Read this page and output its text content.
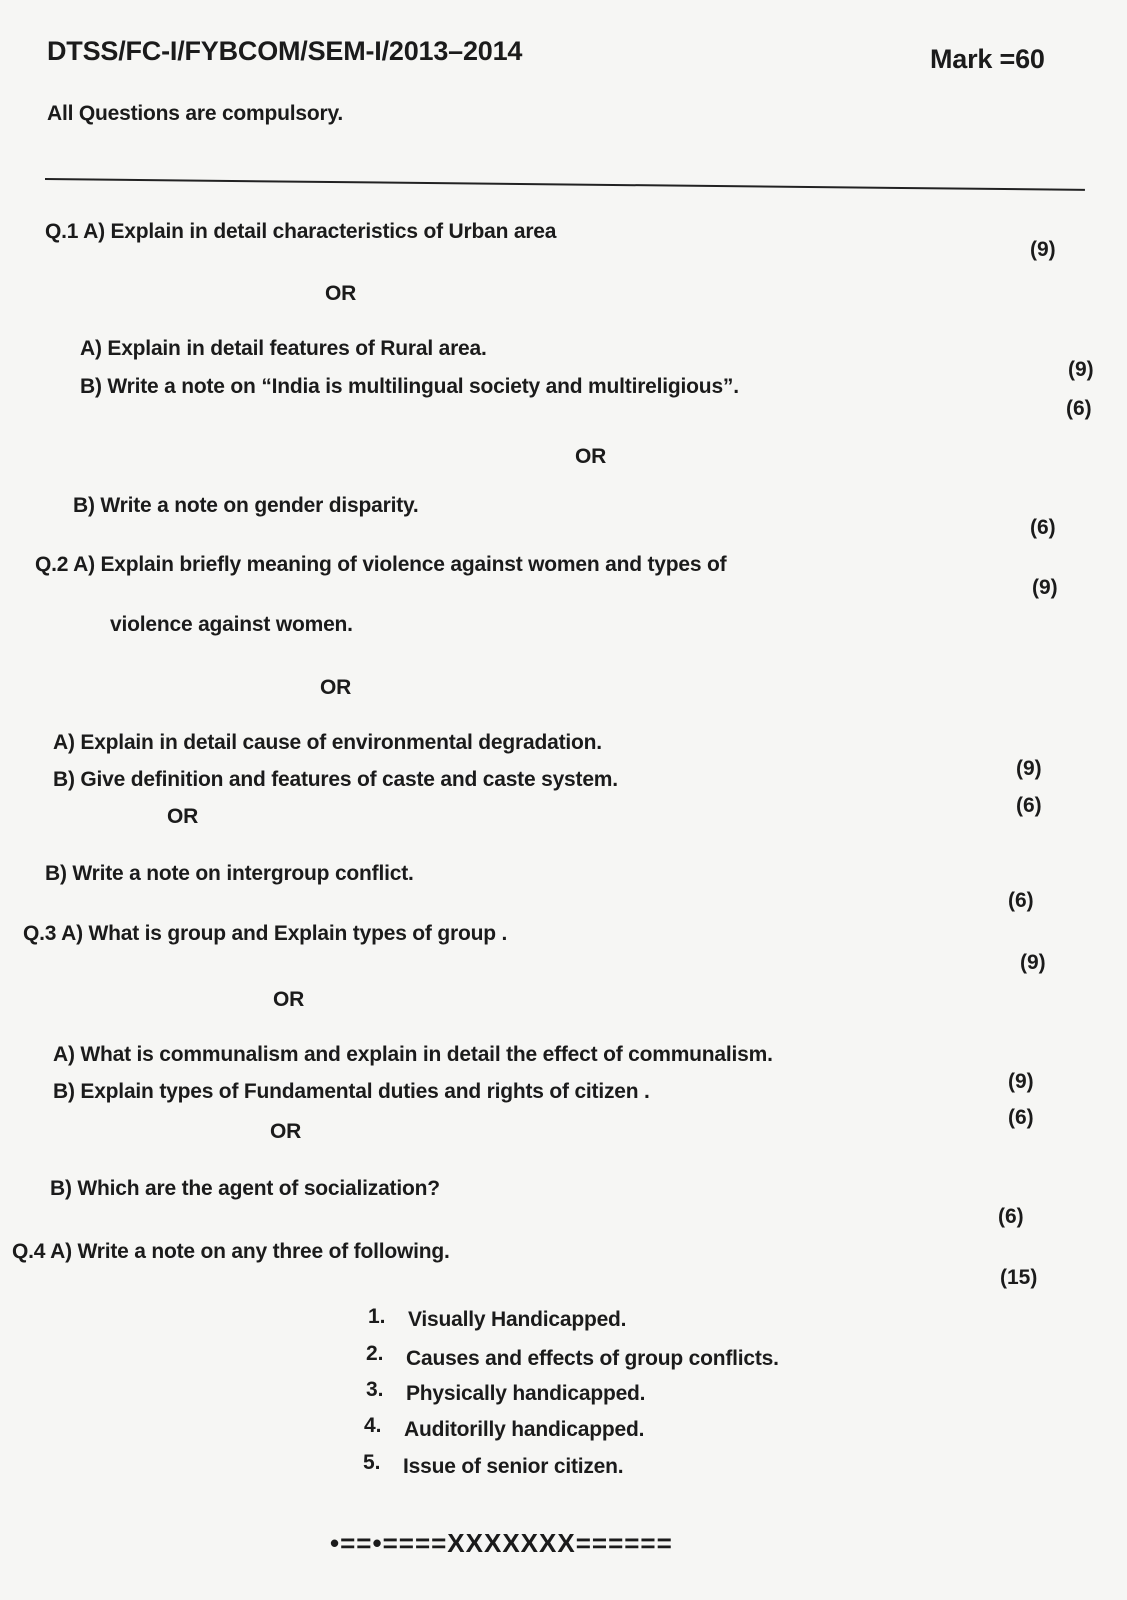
DTSS/FC-I/FYBCOM/SEM-I/2013–2014	Mark =60
All Questions are compulsory.
Q.1 A) Explain in detail characteristics of Urban area
(9)
OR
A) Explain in detail features of Rural area.
(9)
B) Write a note on “India is multilingual society and multireligious”.
(6)
OR
B) Write a note on gender disparity.
(6)
Q.2 A) Explain briefly meaning of violence against women and types of
violence against women.
(9)
OR
A) Explain in detail cause of environmental degradation.
(9)
B) Give definition and features of caste and caste system.
(6)
OR
B) Write a note on intergroup conflict.
(6)
Q.3 A) What is group and Explain types of group .
(9)
OR
A) What is communalism and explain in detail the effect of communalism.
(9)
B) Explain types of Fundamental duties and rights of citizen .
(6)
OR
B) Which are the agent of socialization?
(6)
Q.4 A) Write a note on any three of following.
(15)
1. Visually Handicapped.
2. Causes and effects of group conflicts.
3. Physically handicapped.
4. Auditorilly handicapped.
5. Issue of senior citizen.
•==•====XXXXXXX======
